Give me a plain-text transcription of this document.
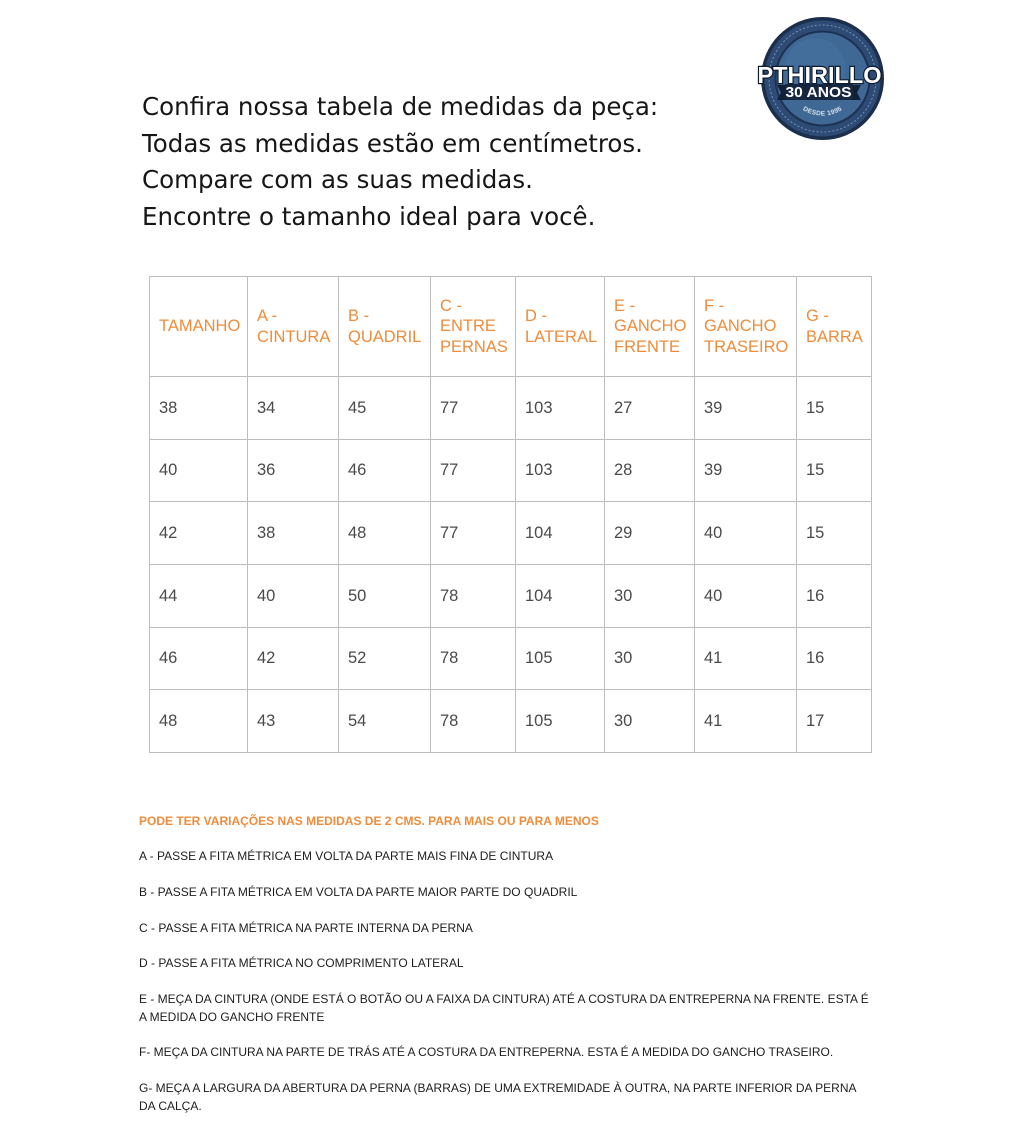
PTHIRILLO
30 ANOS
DESDE 1995
Confira nossa tabela de medidas da peça:
Todas as medidas estão em centímetros.
Compare com as suas medidas.
Encontre o tamanho ideal para você.
TAMANHO	A - CINTURA	B - QUADRIL	C - ENTRE PERNAS	D - LATERAL	E - GANCHO FRENTE	F - GANCHO TRASEIRO	G - BARRA
38	34	45	77	103	27	39	15
40	36	46	77	103	28	39	15
42	38	48	77	104	29	40	15
44	40	50	78	104	30	40	16
46	42	52	78	105	30	41	16
48	43	54	78	105	30	41	17

PODE TER VARIAÇÕES NAS MEDIDAS DE 2 CMS. PARA MAIS OU PARA MENOS

A - PASSE A FITA MÉTRICA EM VOLTA DA PARTE MAIS FINA DE CINTURA

B - PASSE A FITA MÉTRICA EM VOLTA DA PARTE MAIOR PARTE DO QUADRIL

C - PASSE A FITA MÉTRICA NA PARTE INTERNA DA PERNA

D - PASSE A FITA MÉTRICA NO COMPRIMENTO LATERAL

E - MEÇA DA CINTURA (ONDE ESTÁ O BOTÃO OU A FAIXA DA CINTURA) ATÉ A COSTURA DA ENTREPERNA NA FRENTE. ESTA É
A MEDIDA DO GANCHO FRENTE

F- MEÇA DA CINTURA NA PARTE DE TRÁS ATÉ A COSTURA DA ENTREPERNA. ESTA É A MEDIDA DO GANCHO TRASEIRO.

G- MEÇA A LARGURA DA ABERTURA DA PERNA (BARRAS) DE UMA EXTREMIDADE À OUTRA, NA PARTE INFERIOR DA PERNA
DA CALÇA.
